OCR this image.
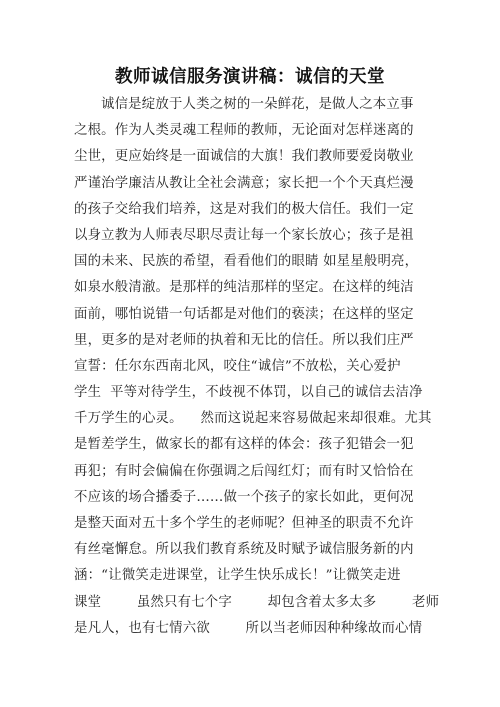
教师诚信服务演讲稿：诚信的天堂
诚信是绽放于人类之树的一朵鲜花，是做人之本立事
之根。作为人类灵魂工程师的教师，无论面对怎样迷离的
尘世，更应始终是一面诚信的大旗！我们教师要爱岗敬业
严谨治学廉洁从教让全社会满意；家长把一个个天真烂漫
的孩子交给我们培养，这是对我们的极大信任。我们一定
以身立教为人师表尽职尽责让每一个家长放心；孩子是祖
国的未来、民族的希望，看看他们的眼睛 如星星般明亮，
如泉水般清澈。是那样的纯洁那样的坚定。在这样的纯洁
面前，哪怕说错一句话都是对他们的亵渎；在这样的坚定
里，更多的是对老师的执着和无比的信任。所以我们庄严
宣誓：任尔东西南北风，咬住“诚信”不放松，关心爱护
学生  平等对待学生，不歧视不体罚，以自己的诚信去洁净
千万学生的心灵。    然而这说起来容易做起来却很难。尤其
是暂差学生，做家长的都有这样的体会：孩子犯错会一犯
再犯；有时会偏偏在你强调之后闯红灯；而有时又恰恰在
不应该的场合播委子……做一个孩子的家长如此，更何况
是整天面对五十多个学生的老师呢？但神圣的职责不允许
有丝毫懈怠。所以我们教育系统及时赋予诚信服务新的内
涵：“让微笑走进课堂，让学生快乐成长！”让微笑走进
课堂        虽然只有七个字        却包含着太多太多        老师
是凡人，也有七情六欲        所以当老师因种种缘故而心情
